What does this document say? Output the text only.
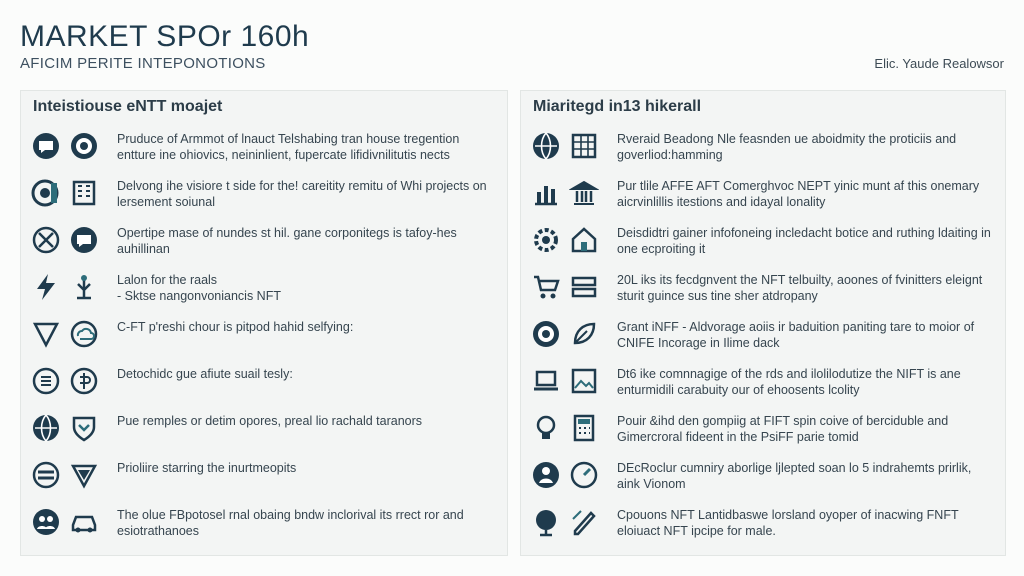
MARKET SPOr 160h
AFICIM PERITE INTEPONOTIONS	Elic. Yaude Realowsor
Inteistiouse eNTT moajet
Pruduce of Armmot of lnauct Telshabing tran house tregention entture ine ohiovics, neininlient, fupercate lifidivnilitutis nects
Delvong ihe visiore t side for the! careitity remitu of Whi projects on lersement soiunal
Opertipe mase of nundes st hil. gane corponitegs is tafoy-hes auhillinan
Lalon for the raals
- Sktse nangonvoniancis NFT
C-FT p'reshi chour is pitpod hahid selfying:
Detochidc gue afiute suail tesly:
Pue remples or detim opores, preal lio rachald taranors
Prioliire starring the inurtmeopits
The olue FBpotosel rnal obaing bndw inclorival its rrect ror and esiotrathanoes
Miaritegd in13 hikerall
Rveraid Beadong Nle feasnden ue aboidmity the proticiis and goverliod:hamming
Pur tlile AFFE AFT Comerghvoc NEPT yinic munt af this onemary aicrvinlillis itestions and idayal lonality
Deisdidtri gainer infofoneing incledacht botice and ruthing ldaiting in one ecproiting it
20L iks its fecdgnvent the NFT telbuilty, aoones of fvinitters eleignt sturit guince sus tine sher atdropany
Grant iNFF - Aldvorage aoiis ir baduition paniting tare to moior of CNIFE Incorage in Ilime dack
Dt6 ike comnnagige of the rds and ilolilodutize the NIFT is ane enturmidili carabuity our of ehoosents lcolity
Pouir &ihd den gompiig at FIFT spin coive of berciduble and Gimercroral fideent in the PsiFF parie tomid
DEcRoclur cumniry aborlige ljlepted soan lo 5 indrahemts prirlik, aink Vionom
Cpouons NFT Lantidbaswe lorsland oyoper of inacwing FNFT eloiuact NFT ipcipe for male.
